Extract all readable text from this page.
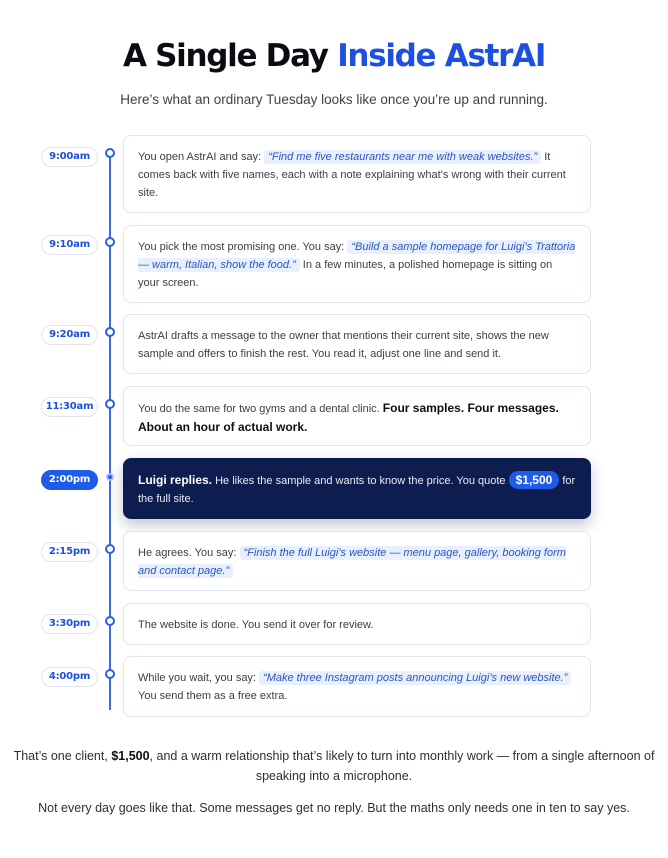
A Single Day Inside AstrAI
Here’s what an ordinary Tuesday looks like once you’re up and running.
9:00am	You open AstrAI and say: “Find me five restaurants near me with weak websites.” It comes back with five names, each with a note explaining what’s wrong with their current site.
9:10am	You pick the most promising one. You say: “Build a sample homepage for Luigi’s Trattoria — warm, Italian, show the food.” In a few minutes, a polished homepage is sitting on your screen.
9:20am	AstrAI drafts a message to the owner that mentions their current site, shows the new sample and offers to finish the rest. You read it, adjust one line and send it.
11:30am	You do the same for two gyms and a dental clinic. Four samples. Four messages. About an hour of actual work.
2:00pm	Luigi replies. He likes the sample and wants to know the price. You quote $1,500 for the full site.
2:15pm	He agrees. You say: “Finish the full Luigi’s website — menu page, gallery, booking form and contact page.”
3:30pm	The website is done. You send it over for review.
4:00pm	While you wait, you say: “Make three Instagram posts announcing Luigi’s new website.” You send them as a free extra.
That’s one client, $1,500, and a warm relationship that’s likely to turn into monthly work — from a single afternoon of speaking into a microphone.
Not every day goes like that. Some messages get no reply. But the maths only needs one in ten to say yes.
